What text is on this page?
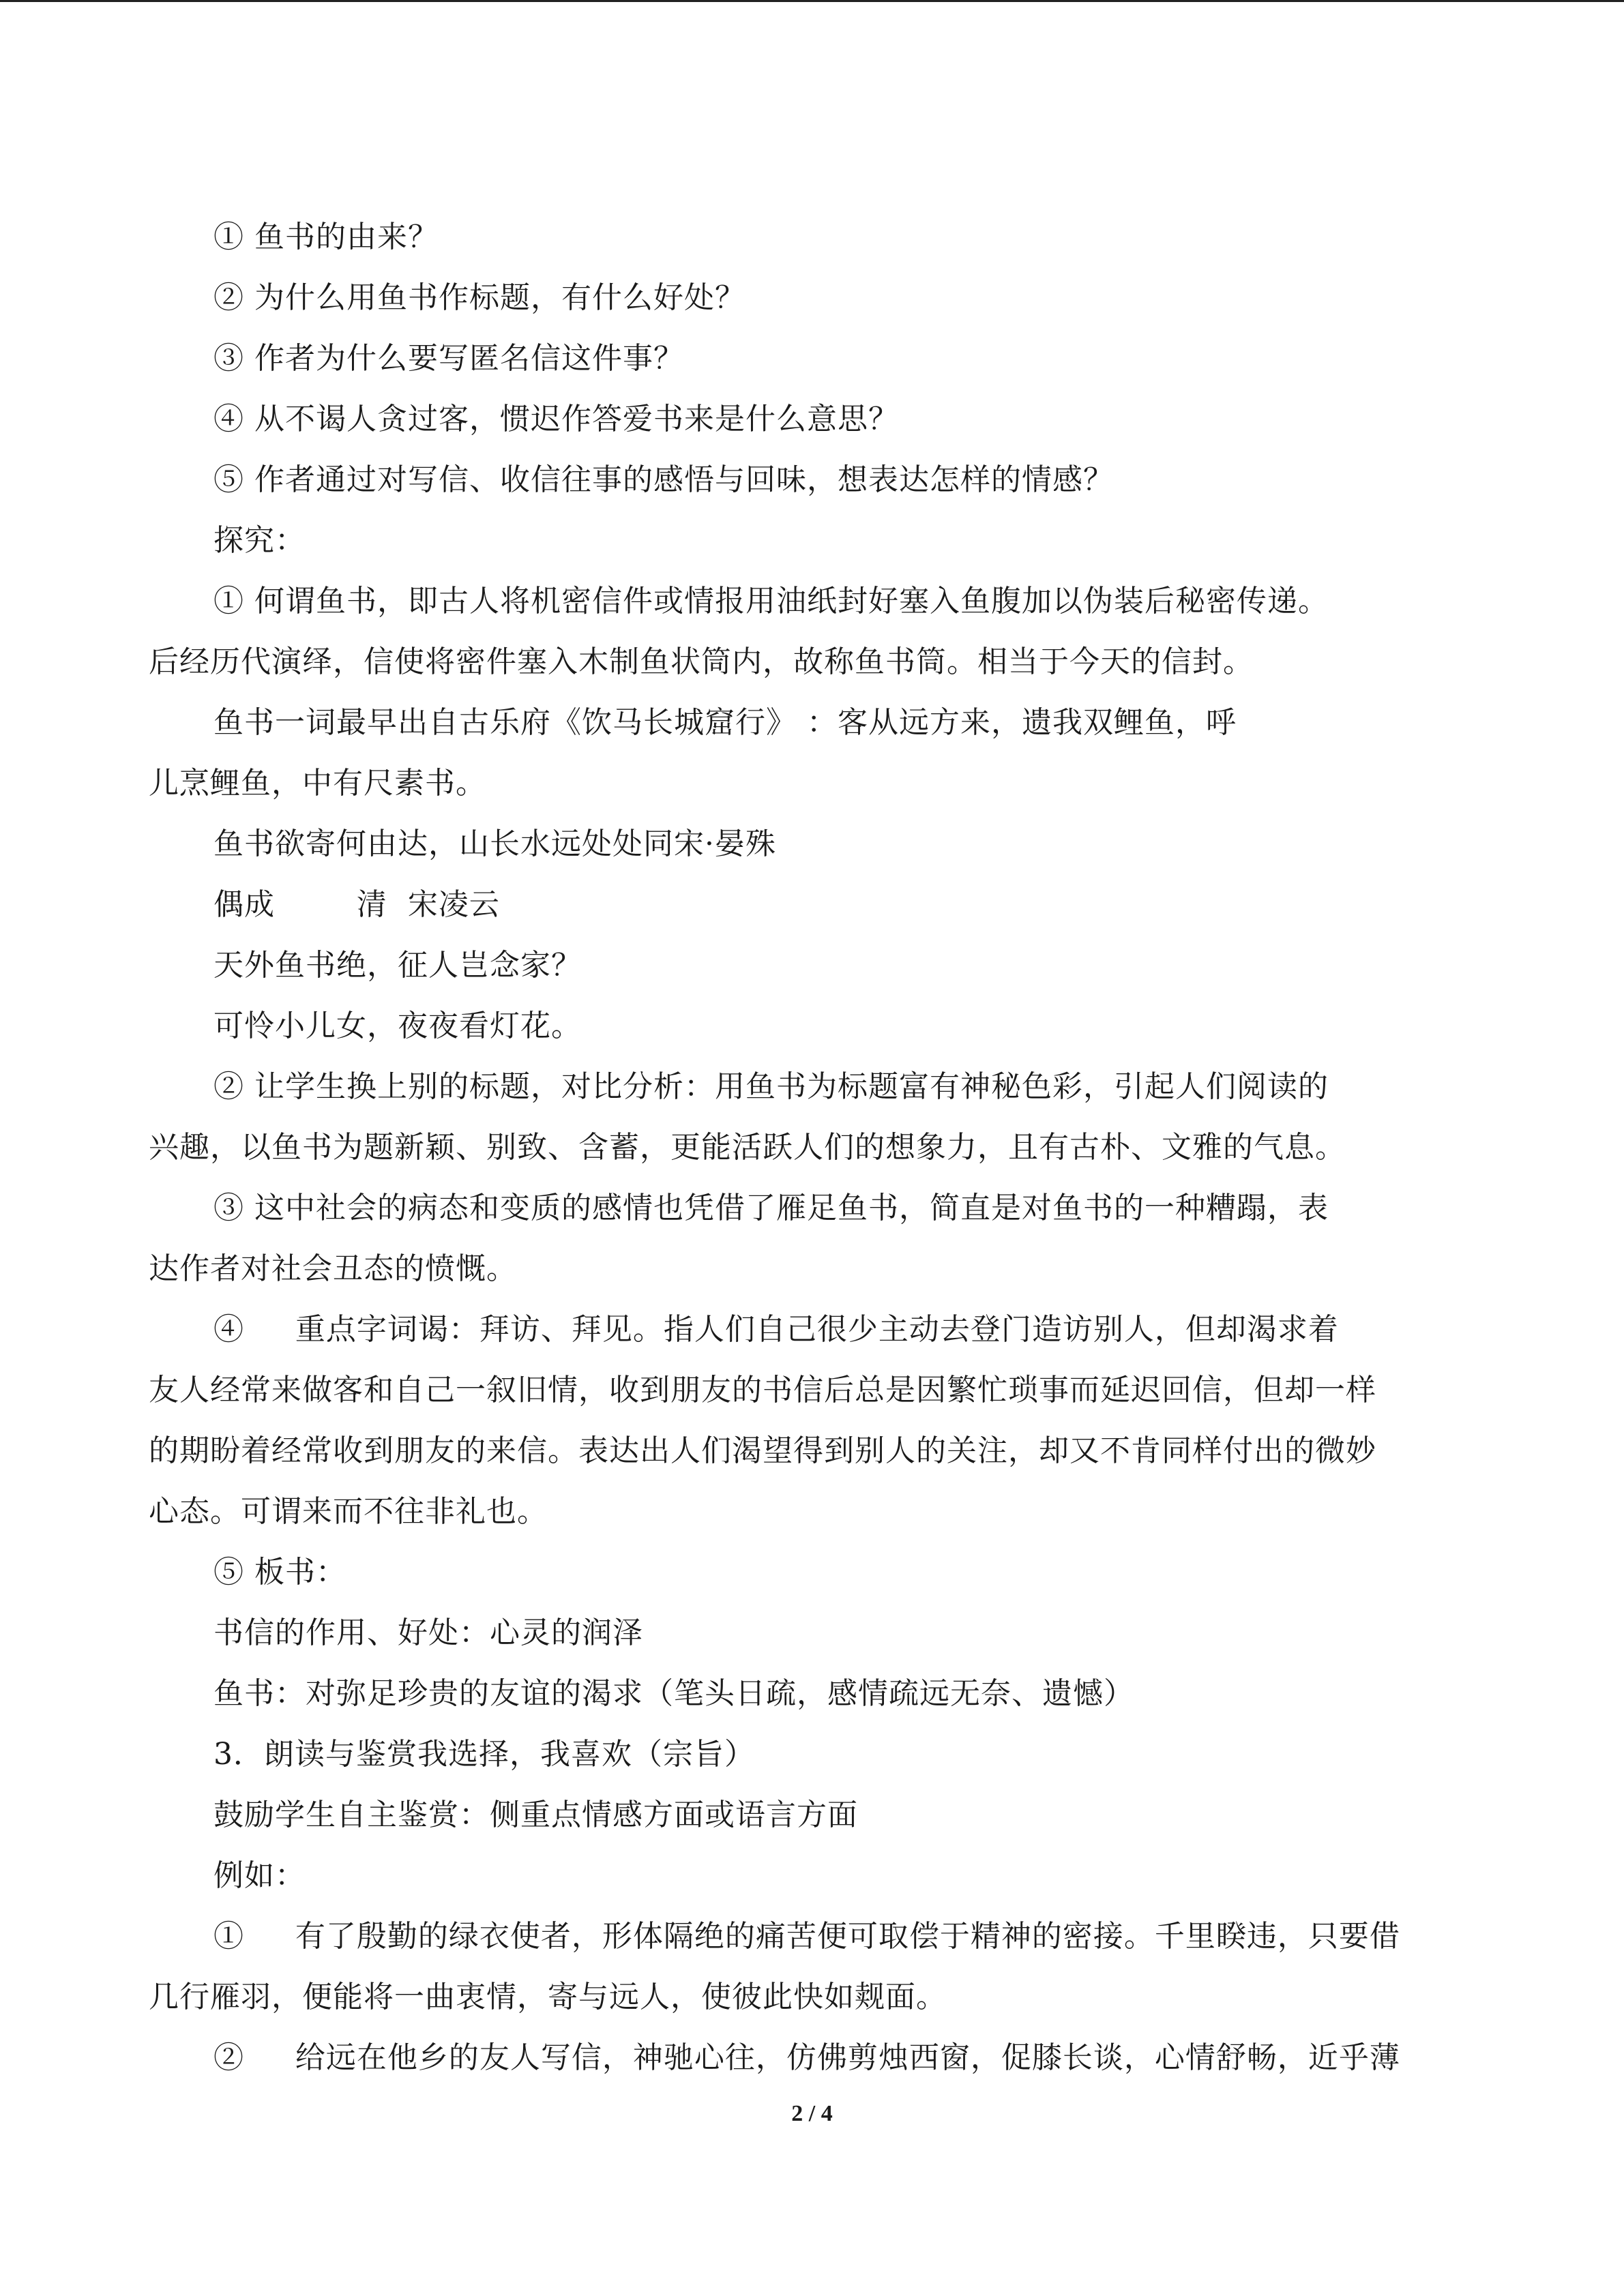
① 鱼书的由来？
② 为什么用鱼书作标题，有什么好处？
③ 作者为什么要写匿名信这件事？
④ 从不谒人贪过客，惯迟作答爱书来是什么意思？
⑤ 作者通过对写信、收信往事的感悟与回味，想表达怎样的情感？
探究：
① 何谓鱼书，即古人将机密信件或情报用油纸封好塞入鱼腹加以伪装后秘密传递。
后经历代演绎，信使将密件塞入木制鱼状筒内，故称鱼书筒。相当于今天的信封。
鱼书一词最早出自古乐府《饮马长城窟行》 ：客从远方来，遗我双鲤鱼，呼
儿烹鲤鱼，中有尺素书。
鱼书欲寄何由达，山长水远处处同宋·晏殊
偶成        清  宋凌云
天外鱼书绝，征人岂念家？
可怜小儿女，夜夜看灯花。
② 让学生换上别的标题，对比分析：用鱼书为标题富有神秘色彩，引起人们阅读的
兴趣，以鱼书为题新颖、别致、含蓄，更能活跃人们的想象力，且有古朴、文雅的气息。
③ 这中社会的病态和变质的感情也凭借了雁足鱼书，简直是对鱼书的一种糟蹋，表
达作者对社会丑态的愤慨。
④     重点字词谒：拜访、拜见。指人们自己很少主动去登门造访别人，但却渴求着
友人经常来做客和自己一叙旧情，收到朋友的书信后总是因繁忙琐事而延迟回信，但却一样
的期盼着经常收到朋友的来信。表达出人们渴望得到别人的关注，却又不肯同样付出的微妙
心态。可谓来而不往非礼也。
⑤ 板书：
书信的作用、好处：心灵的润泽
鱼书：对弥足珍贵的友谊的渴求（笔头日疏，感情疏远无奈、遗憾）
3．朗读与鉴赏我选择，我喜欢（宗旨）
鼓励学生自主鉴赏：侧重点情感方面或语言方面
例如：
①     有了殷勤的绿衣使者，形体隔绝的痛苦便可取偿于精神的密接。千里睽违，只要借
几行雁羽，便能将一曲衷情，寄与远人，使彼此快如觌面。
②     给远在他乡的友人写信，神驰心往，仿佛剪烛西窗，促膝长谈，心情舒畅，近乎薄
2 / 4
